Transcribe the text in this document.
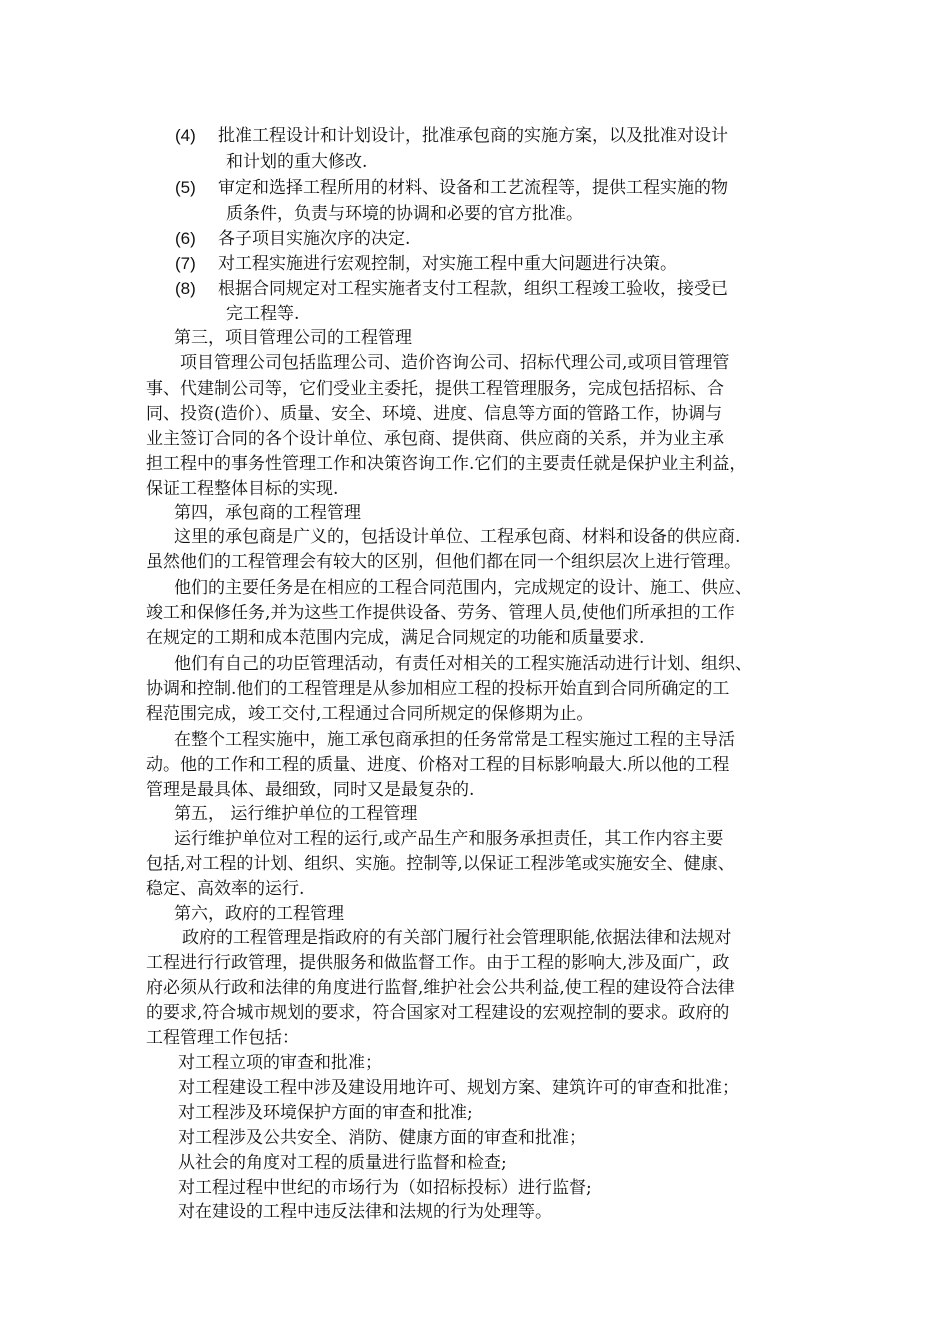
(4) 批准工程设计和计划设计，批准承包商的实施方案，以及批准对设计
和计划的重大修改.
(5) 审定和选择工程所用的材料、设备和工艺流程等，提供工程实施的物
质条件，负责与环境的协调和必要的官方批准。
(6) 各子项目实施次序的决定.
(7) 对工程实施进行宏观控制，对实施工程中重大问题进行决策。
(8) 根据合同规定对工程实施者支付工程款，组织工程竣工验收，接受已
完工程等.
第三，项目管理公司的工程管理
项目管理公司包括监理公司、造价咨询公司、招标代理公司,或项目管理管
事、代建制公司等，它们受业主委托，提供工程管理服务，完成包括招标、合
同、投资(造价）、质量、安全、环境、进度、信息等方面的管路工作，协调与
业主签订合同的各个设计单位、承包商、提供商、供应商的关系，并为业主承
担工程中的事务性管理工作和决策咨询工作.它们的主要责任就是保护业主利益，
保证工程整体目标的实现.
第四，承包商的工程管理
这里的承包商是广义的，包括设计单位、工程承包商、材料和设备的供应商.
虽然他们的工程管理会有较大的区别，但他们都在同一个组织层次上进行管理。
他们的主要任务是在相应的工程合同范围内，完成规定的设计、施工、供应、
竣工和保修任务,并为这些工作提供设备、劳务、管理人员,使他们所承担的工作
在规定的工期和成本范围内完成，满足合同规定的功能和质量要求.
他们有自己的功臣管理活动，有责任对相关的工程实施活动进行计划、组织、
协调和控制.他们的工程管理是从参加相应工程的投标开始直到合同所确定的工
程范围完成，竣工交付,工程通过合同所规定的保修期为止。
在整个工程实施中，施工承包商承担的任务常常是工程实施过工程的主导活
动。他的工作和工程的质量、进度、价格对工程的目标影响最大.所以他的工程
管理是最具体、最细致，同时又是最复杂的.
第五， 运行维护单位的工程管理
运行维护单位对工程的运行,或产品生产和服务承担责任，其工作内容主要
包括,对工程的计划、组织、实施。控制等,以保证工程涉笔或实施安全、健康、
稳定、高效率的运行.
第六，政府的工程管理
政府的工程管理是指政府的有关部门履行社会管理职能,依据法律和法规对
工程进行行政管理，提供服务和做监督工作。由于工程的影响大,涉及面广，政
府必须从行政和法律的角度进行监督,维护社会公共利益,使工程的建设符合法律
的要求,符合城市规划的要求，符合国家对工程建设的宏观控制的要求。政府的
工程管理工作包括：
对工程立项的审查和批准；
对工程建设工程中涉及建设用地许可、规划方案、建筑许可的审查和批准；
对工程涉及环境保护方面的审查和批准;
对工程涉及公共安全、消防、健康方面的审查和批准；
从社会的角度对工程的质量进行监督和检查;
对工程过程中世纪的市场行为（如招标投标）进行监督;
对在建设的工程中违反法律和法规的行为处理等。
